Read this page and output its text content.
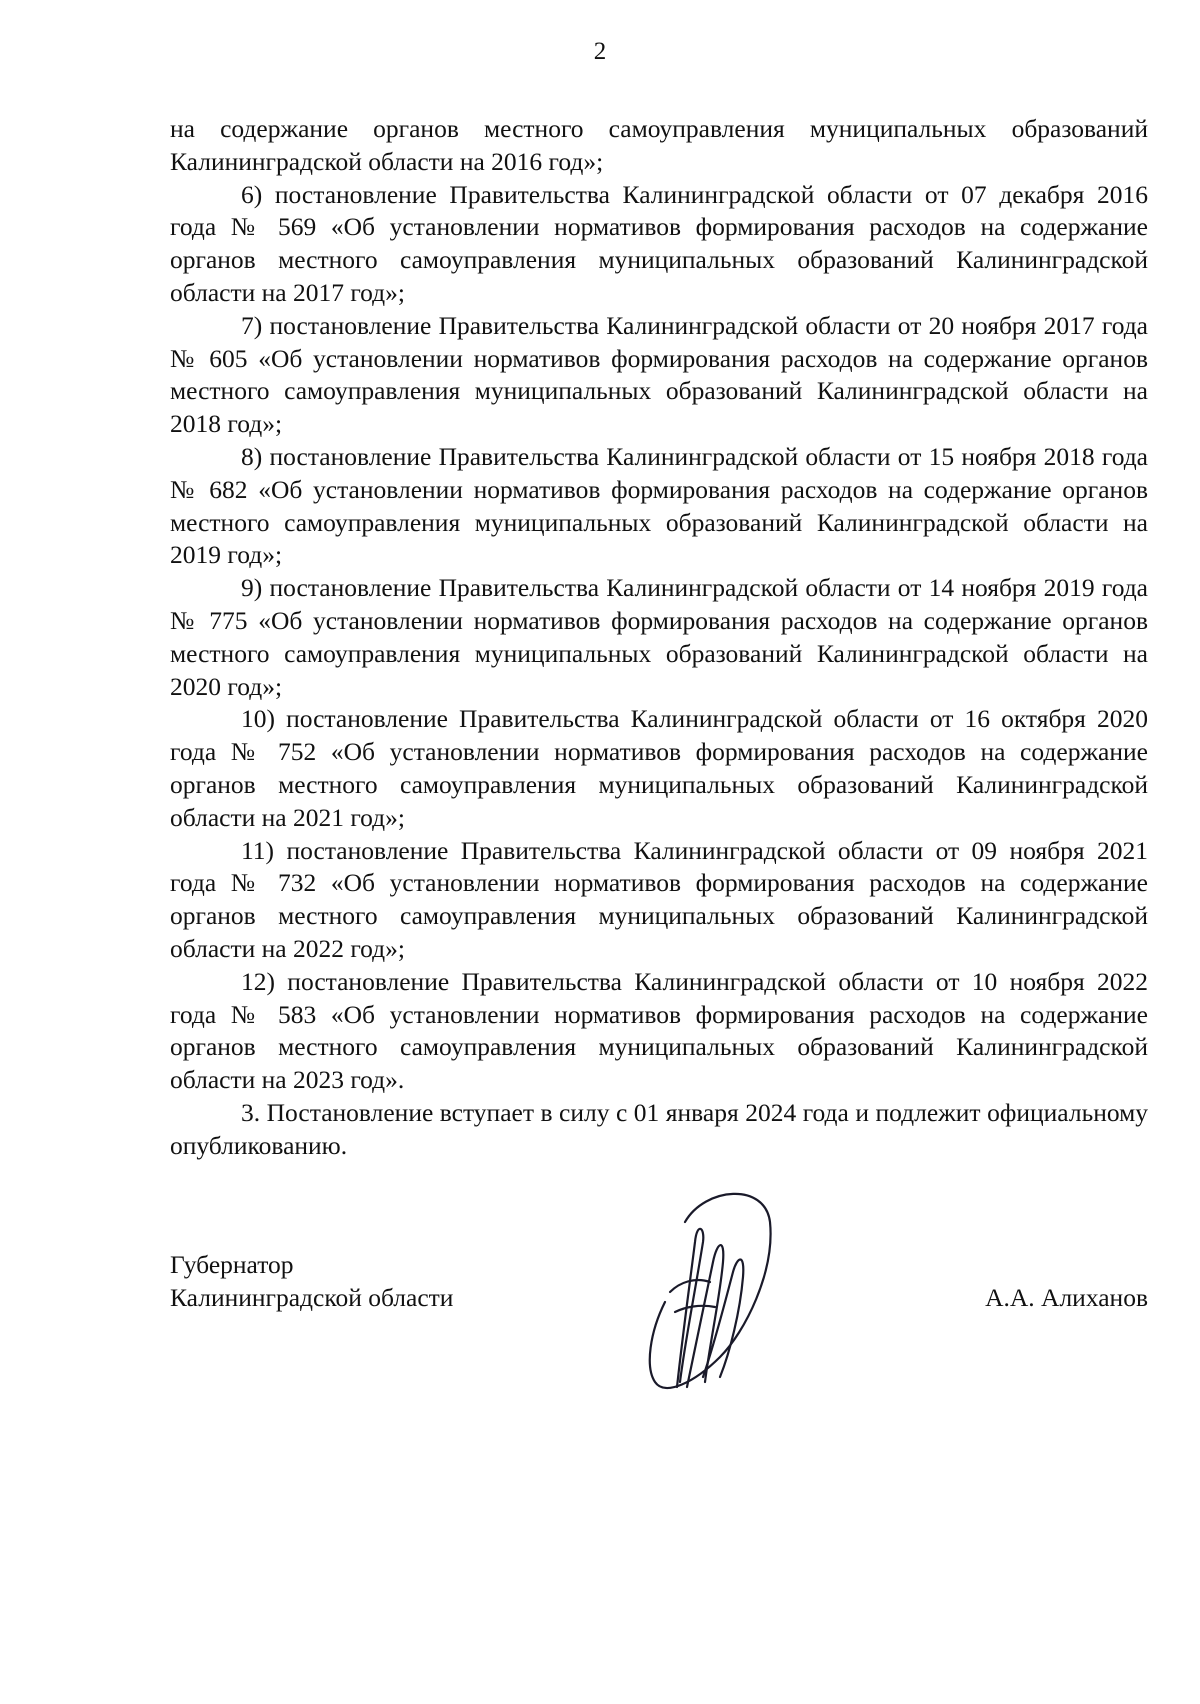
2

на содержание органов местного самоуправления муниципальных образований Калининградской области на 2016 год»;

6) постановление Правительства Калининградской области от 07 декабря 2016 года № 569 «Об установлении нормативов формирования расходов на содержание органов местного самоуправления муниципальных образований Калининградской области на 2017 год»;

7) постановление Правительства Калининградской области от 20 ноября 2017 года № 605 «Об установлении нормативов формирования расходов на содержание органов местного самоуправления муниципальных образований Калининградской области на 2018 год»;

8) постановление Правительства Калининградской области от 15 ноября 2018 года № 682 «Об установлении нормативов формирования расходов на содержание органов местного самоуправления муниципальных образований Калининградской области на 2019 год»;

9) постановление Правительства Калининградской области от 14 ноября 2019 года № 775 «Об установлении нормативов формирования расходов на содержание органов местного самоуправления муниципальных образований Калининградской области на 2020 год»;

10) постановление Правительства Калининградской области от 16 октября 2020 года № 752 «Об установлении нормативов формирования расходов на содержание органов местного самоуправления муниципальных образований Калининградской области на 2021 год»;

11) постановление Правительства Калининградской области от 09 ноября 2021 года № 732 «Об установлении нормативов формирования расходов на содержание органов местного самоуправления муниципальных образований Калининградской области на 2022 год»;

12) постановление Правительства Калининградской области от 10 ноября 2022 года № 583 «Об установлении нормативов формирования расходов на содержание органов местного самоуправления муниципальных образований Калининградской области на 2023 год».

3. Постановление вступает в силу с 01 января 2024 года и подлежит официальному опубликованию.

Губернатор
Калининградской области	А.А. Алиханов
